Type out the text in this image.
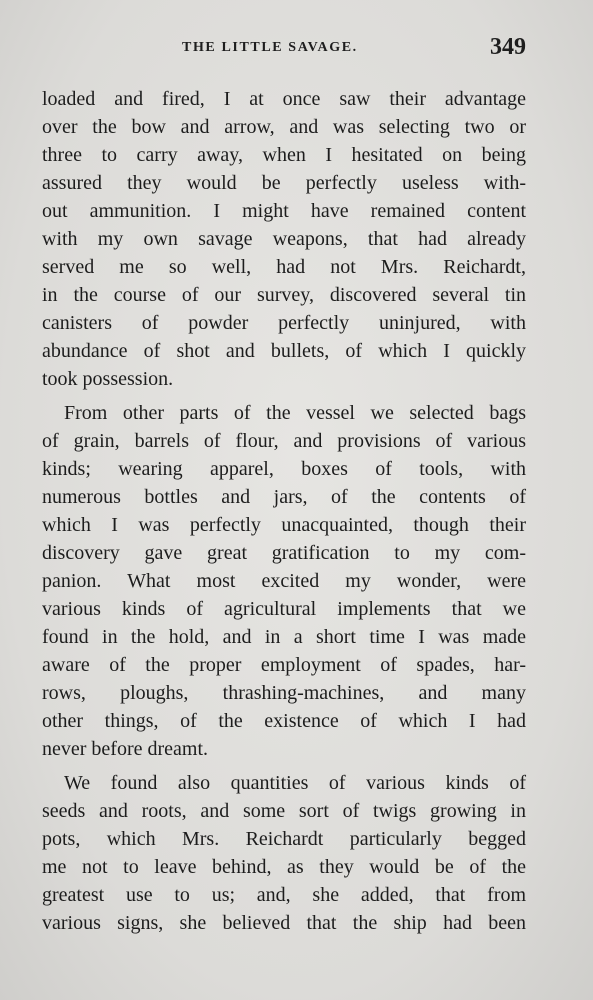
THE LITTLE SAVAGE.	349
loaded and fired, I at once saw their advantage
over the bow and arrow, and was selecting two or
three to carry away, when I hesitated on being
assured they would be perfectly useless with-
out ammunition. I might have remained content
with my own savage weapons, that had already
served me so well, had not Mrs. Reichardt,
in the course of our survey, discovered several tin
canisters of powder perfectly uninjured, with
abundance of shot and bullets, of which I quickly
took possession.
From other parts of the vessel we selected bags
of grain, barrels of flour, and provisions of various
kinds; wearing apparel, boxes of tools, with
numerous bottles and jars, of the contents of
which I was perfectly unacquainted, though their
discovery gave great gratification to my com-
panion. What most excited my wonder, were
various kinds of agricultural implements that we
found in the hold, and in a short time I was made
aware of the proper employment of spades, har-
rows, ploughs, thrashing-machines, and many
other things, of the existence of which I had
never before dreamt.
We found also quantities of various kinds of
seeds and roots, and some sort of twigs growing in
pots, which Mrs. Reichardt particularly begged
me not to leave behind, as they would be of the
greatest use to us; and, she added, that from
various signs, she believed that the ship had been
